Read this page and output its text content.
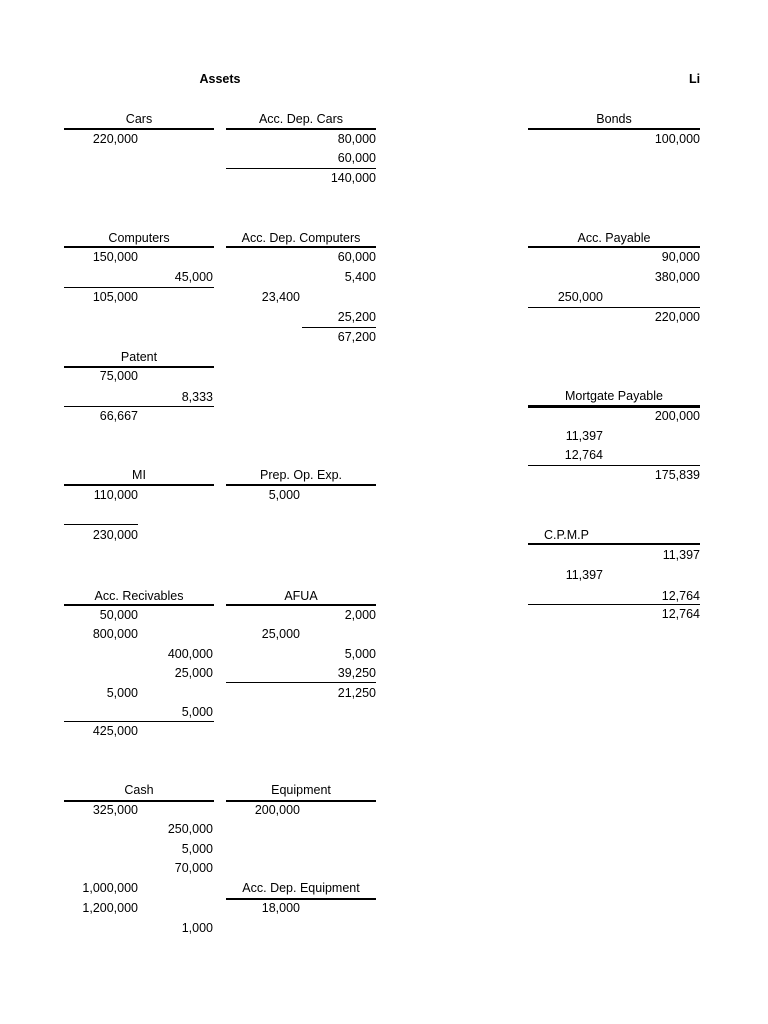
Assets	Li
Cars
220,000
Acc. Dep. Cars
80,000
60,000
140,000
Bonds
100,000
Computers
150,000
45,000
105,000
Acc. Dep. Computers
60,000
5,400
23,400
25,200
67,200
Acc. Payable
90,000
380,000
250,000
220,000
Patent
75,000
8,333
66,667
Mortgate Payable
200,000
11,397
12,764
175,839
MI
110,000
230,000
Prep. Op. Exp.
5,000
C.P.M.P
11,397
11,397
12,764
12,764
Acc. Recivables
50,000
800,000
400,000
25,000
5,000
5,000
425,000
AFUA
2,000
25,000
5,000
39,250
21,250
Cash
325,000
250,000
5,000
70,000
1,000,000
1,200,000
1,000
Equipment
200,000
Acc. Dep. Equipment
18,000
